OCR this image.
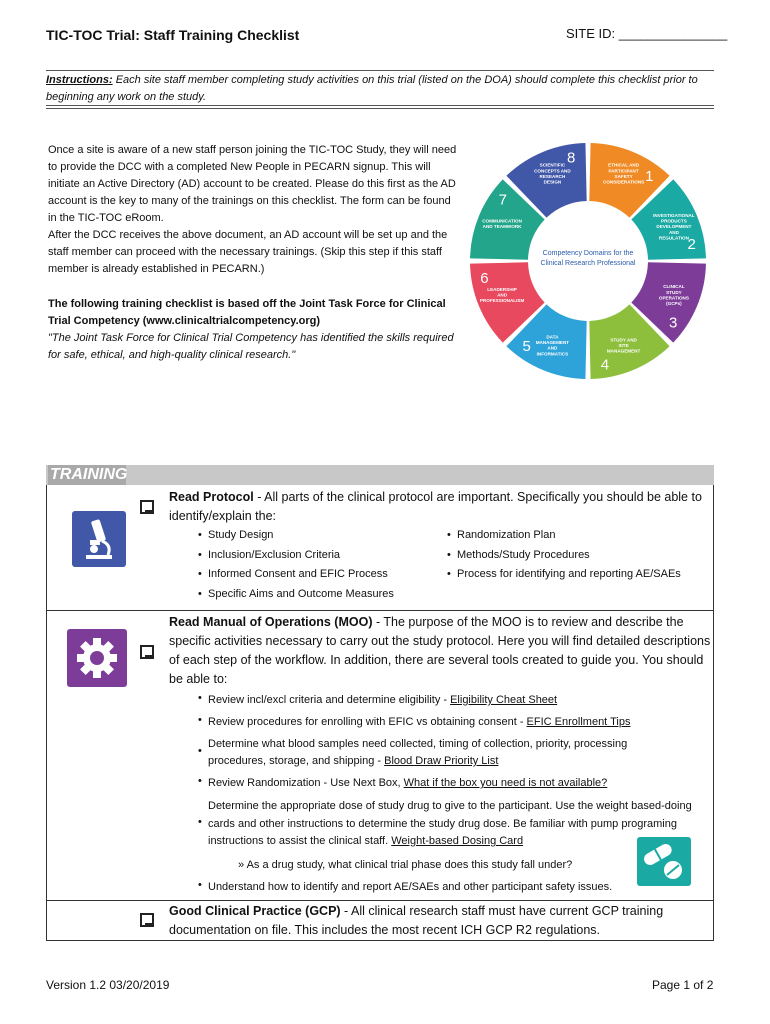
TIC-TOC Trial: Staff Training Checklist	SITE ID: _______________
Instructions: Each site staff member completing study activities on this trial (listed on the DOA) should complete this checklist prior to beginning any work on the study.

Once a site is aware of a new staff person joining the TIC-TOC Study, they will need to provide the DCC with a completed New People in PECARN signup. This will initiate an Active Directory (AD) account to be created. Please do this first as the AD account is the key to many of the trainings on this checklist. The form can be found in the TIC-TOC eRoom.

After the DCC receives the above document, an AD account will be set up and the staff member can proceed with the necessary trainings. (Skip this step if this staff member is already established in PECARN.)

The following training checklist is based off the Joint Task Force for Clinical Trial Competency (www.clinicaltrialcompetency.org)
"The Joint Task Force for Clinical Trial Competency has identified the skills required for safe, ethical, and high-quality clinical research."
1
ETHICAL AND PARTICIPANT SAFETY CONSIDERATIONS
2
INVESTIGATIONAL PRODUCTS DEVELOPMENT AND REGULATION
3
CLINICAL STUDY OPERATIONS (GCPs)
4
STUDY AND SITE MANAGEMENT
5
DATA MANAGEMENT AND INFORMATICS
6
LEADERSHIP AND PROFESSIONALISM
7
COMMUNICATION AND TEAMWORK
8
SCIENTIFIC CONCEPTS AND RESEARCH DESIGN
Competency Domains for the
Clinical Research Professional
TRAINING
Read Protocol - All parts of the clinical protocol are important. Specifically you should be able to identify/explain the:
• Study Design
• Inclusion/Exclusion Criteria
• Informed Consent and EFIC Process
• Specific Aims and Outcome Measures
• Randomization Plan
• Methods/Study Procedures
• Process for identifying and reporting AE/SAEs
Read Manual of Operations (MOO) - The purpose of the MOO is to review and describe the specific activities necessary to carry out the study protocol. Here you will find detailed descriptions of each step of the workflow. In addition, there are several tools created to guide you. You should be able to:
• Review incl/excl criteria and determine eligibility - Eligibility Cheat Sheet
• Review procedures for enrolling with EFIC vs obtaining consent - EFIC Enrollment Tips
•
Determine what blood samples need collected, timing of collection, priority, processing procedures, storage, and shipping - Blood Draw Priority List
• Review Randomization - Use Next Box, What if the box you need is not available?
•
Determine the appropriate dose of study drug to give to the participant. Use the weight based-doing cards and other instructions to determine the study drug dose. Be familiar with pump programing instructions to assist the clinical staff. Weight-based Dosing Card
» As a drug study, what clinical trial phase does this study fall under?
• Understand how to identify and report AE/SAEs and other participant safety issues.
Good Clinical Practice (GCP) - All clinical research staff must have current GCP training documentation on file. This includes the most recent ICH GCP R2 regulations.
Version 1.2 03/20/2019	Page 1 of 2
